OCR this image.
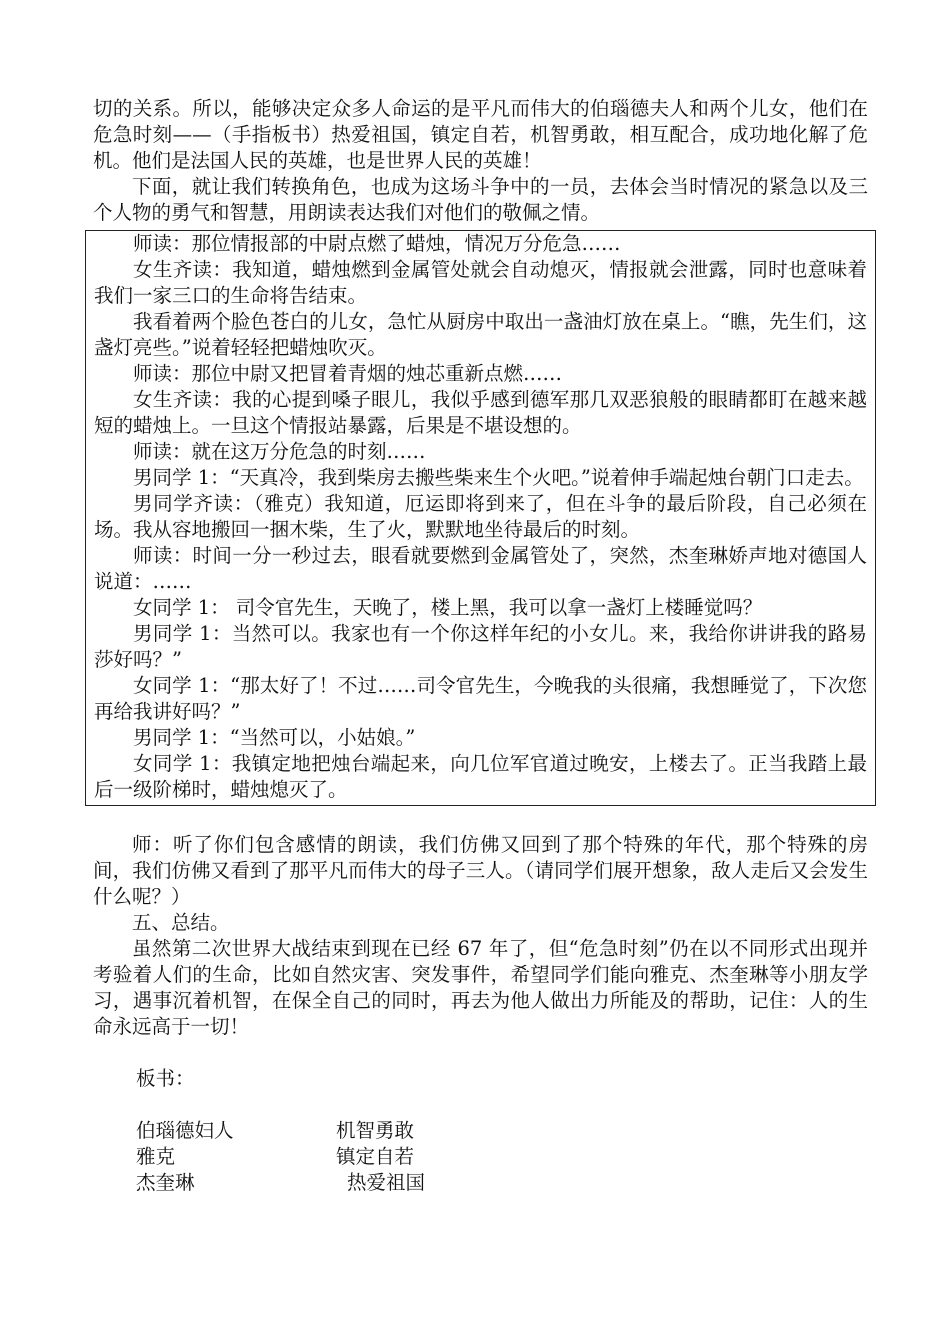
切的关系。所以，能够决定众多人命运的是平凡而伟大的伯瑙德夫人和两个儿女，他们在危急时刻——（手指板书）热爱祖国，镇定自若，机智勇敢，相互配合，成功地化解了危机。他们是法国人民的英雄，也是世界人民的英雄！

下面，就让我们转换角色，也成为这场斗争中的一员，去体会当时情况的紧急以及三个人物的勇气和智慧，用朗读表达我们对他们的敬佩之情。

师读：那位情报部的中尉点燃了蜡烛，情况万分危急……

女生齐读：我知道，蜡烛燃到金属管处就会自动熄灭，情报就会泄露，同时也意味着我们一家三口的生命将告结束。

我看着两个脸色苍白的儿女，急忙从厨房中取出一盏油灯放在桌上。“瞧，先生们，这盏灯亮些。”说着轻轻把蜡烛吹灭。

师读：那位中尉又把冒着青烟的烛芯重新点燃……

女生齐读：我的心提到嗓子眼儿，我似乎感到德军那几双恶狼般的眼睛都盯在越来越短的蜡烛上。一旦这个情报站暴露，后果是不堪设想的。

师读：就在这万分危急的时刻……

男同学 1：“天真冷，我到柴房去搬些柴来生个火吧。”说着伸手端起烛台朝门口走去。

男同学齐读：（雅克）我知道，厄运即将到来了，但在斗争的最后阶段，自己必须在场。我从容地搬回一捆木柴，生了火，默默地坐待最后的时刻。

师读：时间一分一秒过去，眼看就要燃到金属管处了，突然，杰奎琳娇声地对德国人说道：……

女同学 1： 司令官先生，天晚了，楼上黑，我可以拿一盏灯上楼睡觉吗？

男同学 1：当然可以。我家也有一个你这样年纪的小女儿。来，我给你讲讲我的路易莎好吗？”

女同学 1：“那太好了！不过……司令官先生，今晚我的头很痛，我想睡觉了，下次您再给我讲好吗？”

男同学 1：“当然可以，小姑娘。”

女同学 1：我镇定地把烛台端起来，向几位军官道过晚安，上楼去了。正当我踏上最后一级阶梯时，蜡烛熄灭了。

师：听了你们包含感情的朗读，我们仿佛又回到了那个特殊的年代，那个特殊的房间，我们仿佛又看到了那平凡而伟大的母子三人。（请同学们展开想象，敌人走后又会发生什么呢？）

五、总结。

虽然第二次世界大战结束到现在已经 67 年了，但“危急时刻”仍在以不同形式出现并考验着人们的生命，比如自然灾害、突发事件，希望同学们能向雅克、杰奎琳等小朋友学习，遇事沉着机智，在保全自己的同时，再去为他人做出力所能及的帮助，记住：人的生命永远高于一切！

板书：
伯瑙德妇人	机智勇敢
雅克	镇定自若
杰奎琳	热爱祖国
